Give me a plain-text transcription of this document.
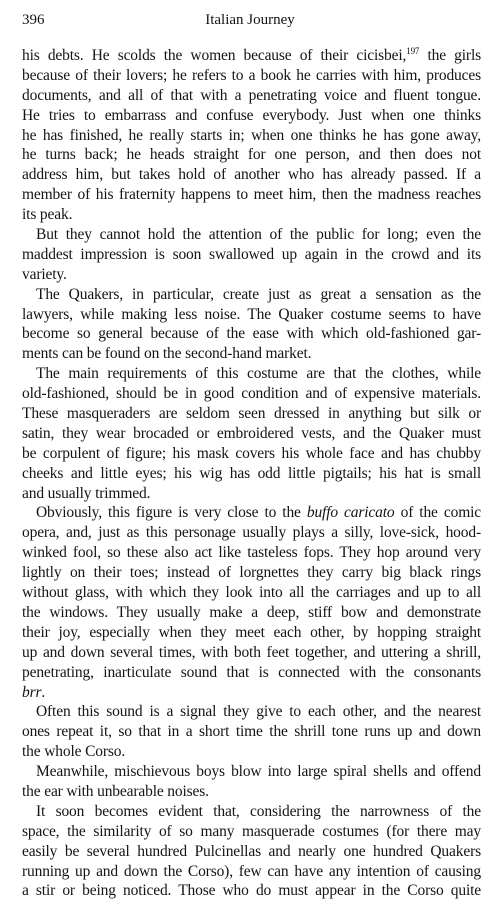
396	Italian Journey
his debts. He scolds the women because of their cicisbei,$^{197}$ the girls
because of their lovers; he refers to a book he carries with him, produces
documents, and all of that with a penetrating voice and fluent tongue.
He tries to embarrass and confuse everybody. Just when one thinks
he has finished, he really starts in; when one thinks he has gone away,
he turns back; he heads straight for one person, and then does not
address him, but takes hold of another who has already passed. If a
member of his fraternity happens to meet him, then the madness reaches
its peak.
But they cannot hold the attention of the public for long; even the
maddest impression is soon swallowed up again in the crowd and its
variety.
The Quakers, in particular, create just as great a sensation as the
lawyers, while making less noise. The Quaker costume seems to have
become so general because of the ease with which old-fashioned gar-
ments can be found on the second-hand market.
The main requirements of this costume are that the clothes, while
old-fashioned, should be in good condition and of expensive materials.
These masqueraders are seldom seen dressed in anything but silk or
satin, they wear brocaded or embroidered vests, and the Quaker must
be corpulent of figure; his mask covers his whole face and has chubby
cheeks and little eyes; his wig has odd little pigtails; his hat is small
and usually trimmed.
Obviously, this figure is very close to the buffo caricato of the comic
opera, and, just as this personage usually plays a silly, love-sick, hood-
winked fool, so these also act like tasteless fops. They hop around very
lightly on their toes; instead of lorgnettes they carry big black rings
without glass, with which they look into all the carriages and up to all
the windows. They usually make a deep, stiff bow and demonstrate
their joy, especially when they meet each other, by hopping straight
up and down several times, with both feet together, and uttering a shrill,
penetrating, inarticulate sound that is connected with the consonants
brr.
Often this sound is a signal they give to each other, and the nearest
ones repeat it, so that in a short time the shrill tone runs up and down
the whole Corso.
Meanwhile, mischievous boys blow into large spiral shells and offend
the ear with unbearable noises.
It soon becomes evident that, considering the narrowness of the
space, the similarity of so many masquerade costumes (for there may
easily be several hundred Pulcinellas and nearly one hundred Quakers
running up and down the Corso), few can have any intention of causing
a stir or being noticed. Those who do must appear in the Corso quite
